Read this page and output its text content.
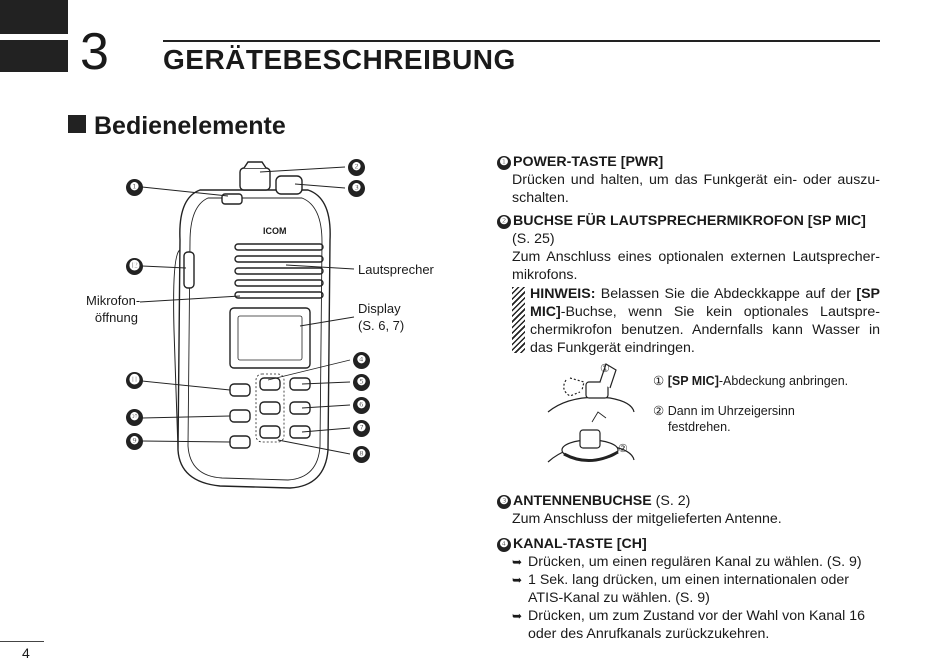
3 GERÄTEBESCHREIBUNG
Bedienelemente
ICOM
❶
❷
❸
⓬
❹
❺
⓫
❻
❿
❼
❾
❽
Lautsprecher
Mikrofon-
öffnung
Display
(S. 6, 7)
❶ POWER-TASTE [PWR]
Drücken und halten, um das Funkgerät ein- oder auszu-schalten.
❷ BUCHSE FÜR LAUTSPRECHERMIKROFON [SP MIC]
(S. 25)
Zum Anschluss eines optionalen externen Lautsprecher-mikrofons.
HINWEIS: Belassen Sie die Abdeckkappe auf der [SP MIC]-Buchse, wenn Sie kein optionales Lautspre-chermikrofon benutzen. Andernfalls kann Wasser in das Funkgerät eindringen.
①
②
① [SP MIC]-Abdeckung anbringen.
② Dann im Uhrzeigersinn festdrehen.
❸ ANTENNENBUCHSE (S. 2)
Zum Anschluss der mitgelieferten Antenne.
❹ KANAL-TASTE [CH]
➥ Drücken, um einen regulären Kanal zu wählen. (S. 9)
➥ 1 Sek. lang drücken, um einen internationalen oder ATIS-Kanal zu wählen. (S. 9)
➥ Drücken, um zum Zustand vor der Wahl von Kanal 16 oder des Anrufkanals zurückzukehren.
4
